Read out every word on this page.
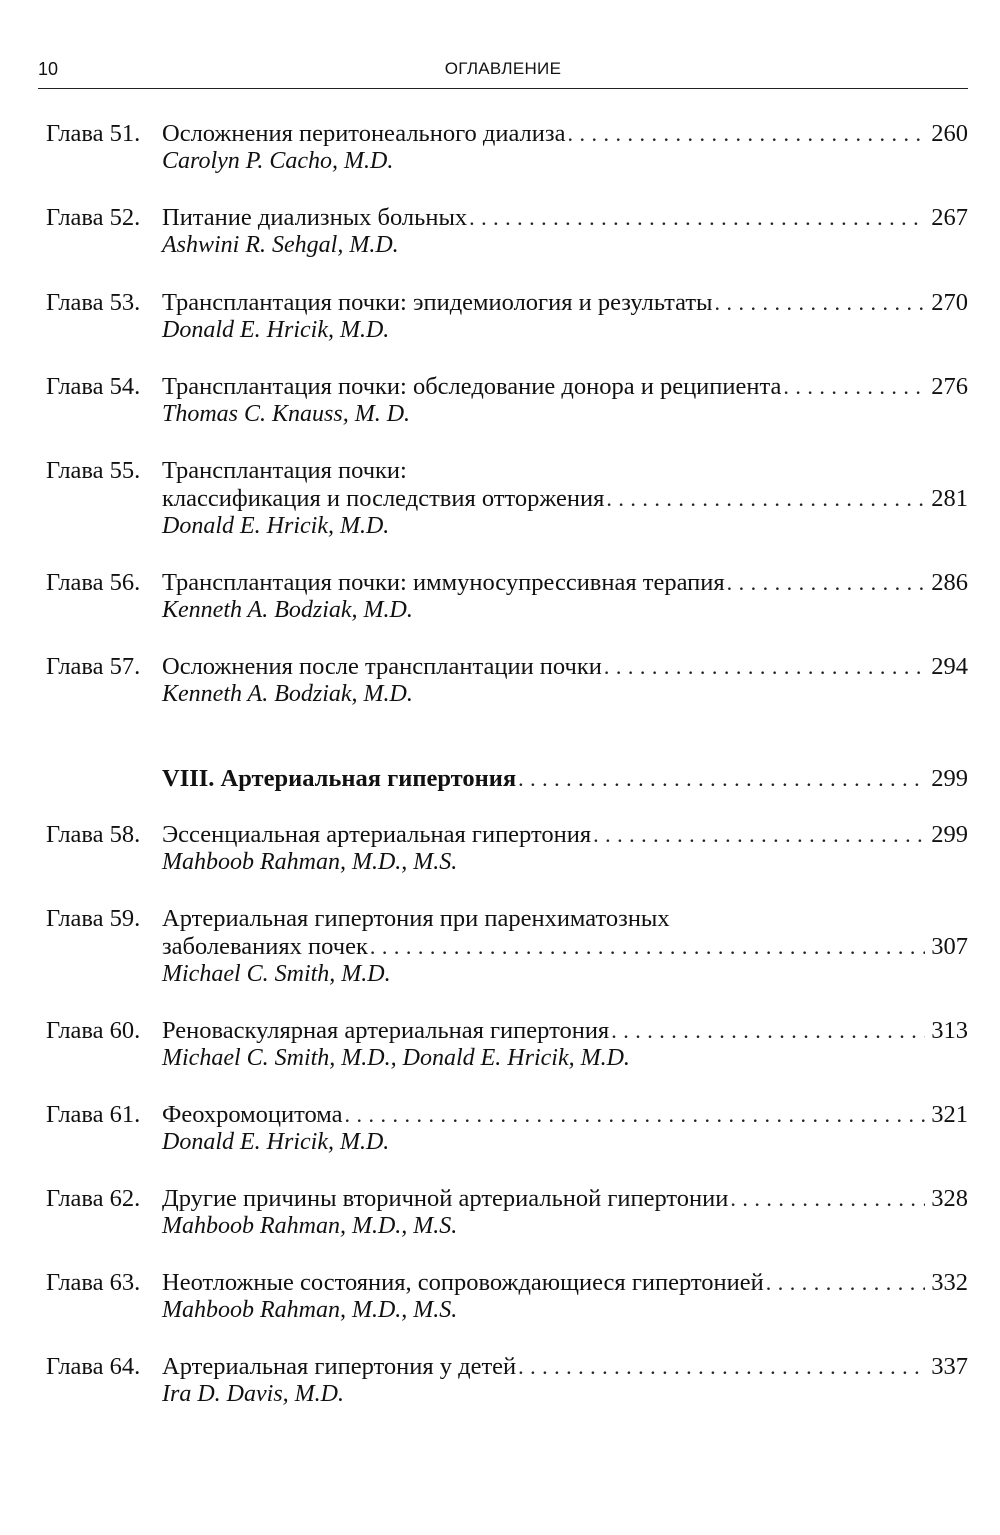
10	ОГЛАВЛЕНИЕ
Глава 51. Осложнения перитонеального диализа . . .	260
Carolyn P. Cacho, M.D.
Глава 52. Питание диализных больных . . .	267
Ashwini R. Sehgal, M.D.
Глава 53. Трансплантация почки: эпидемиология и результаты . . .	270
Donald E. Hricik, M.D.
Глава 54. Трансплантация почки: обследование донора и реципиента . . .	276
Thomas C. Knauss, M. D.
Глава 55. Трансплантация почки:
классификация и последствия отторжения . . .	281
Donald E. Hricik, M.D.
Глава 56. Трансплантация почки: иммуносупрессивная терапия . . .	286
Kenneth A. Bodziak, M.D.
Глава 57. Осложнения после трансплантации почки . . .	294
Kenneth A. Bodziak, M.D.
VIII. Артериальная гипертония . . .	299
Глава 58. Эссенциальная артериальная гипертония . . .	299
Mahboob Rahman, M.D., M.S.
Глава 59. Артериальная гипертония при паренхиматозных
заболеваниях почек . . .	307
Michael C. Smith, M.D.
Глава 60. Реноваскулярная артериальная гипертония . . .	313
Michael C. Smith, M.D., Donald E. Hricik, M.D.
Глава 61. Феохромоцитома . . .	321
Donald E. Hricik, M.D.
Глава 62. Другие причины вторичной артериальной гипертонии . . .	328
Mahboob Rahman, M.D., M.S.
Глава 63. Неотложные состояния, сопровождающиеся гипертонией . . .	332
Mahboob Rahman, M.D., M.S.
Глава 64. Артериальная гипертония у детей . . .	337
Ira D. Davis, M.D.
